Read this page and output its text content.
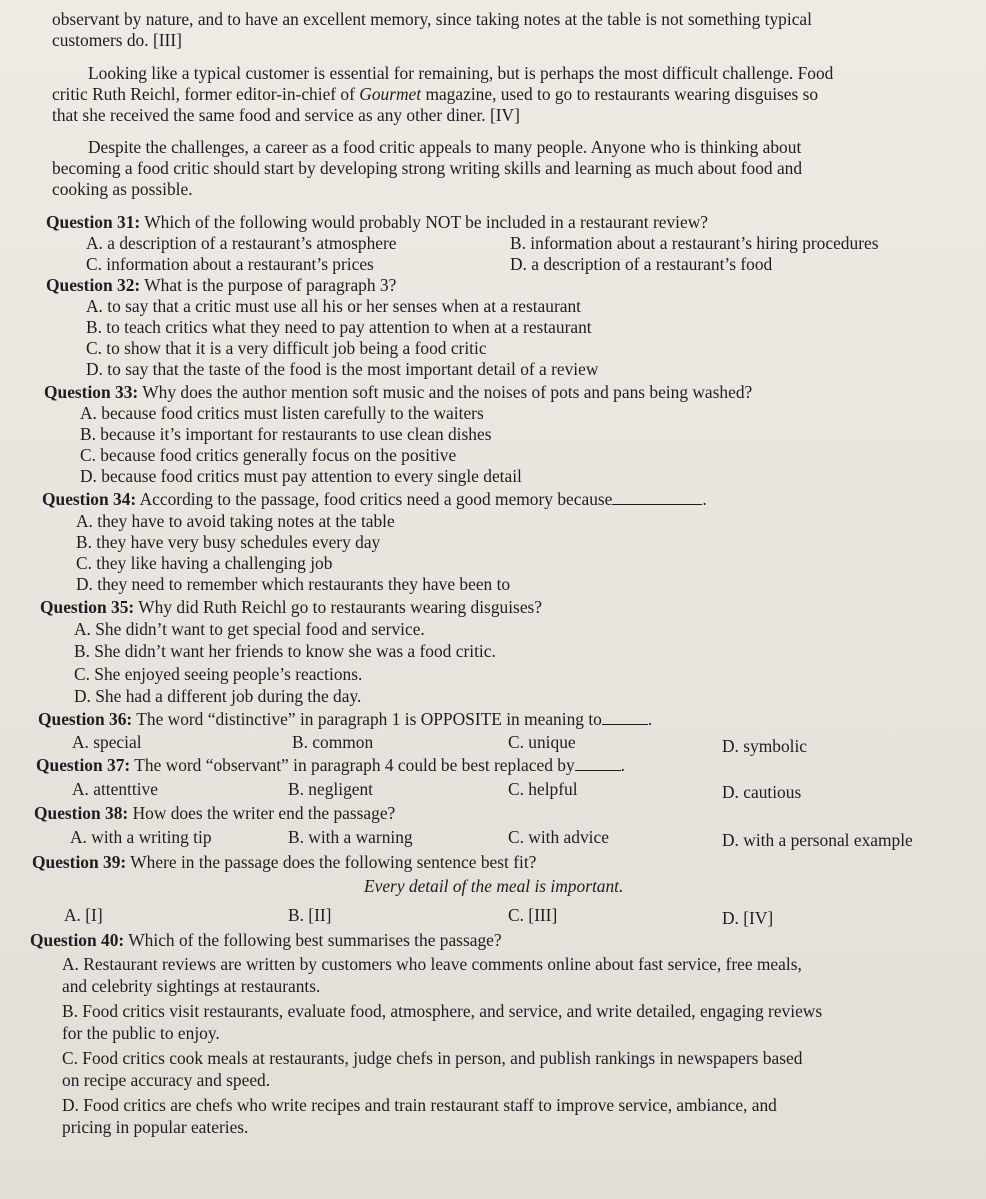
observant by nature, and to have an excellent memory, since taking notes at the table is not something typical
customers do. [III]
Looking like a typical customer is essential for remaining, but is perhaps the most difficult challenge. Food
critic Ruth Reichl, former editor-in-chief of Gourmet magazine, used to go to restaurants wearing disguises so
that she received the same food and service as any other diner. [IV]
Despite the challenges, a career as a food critic appeals to many people. Anyone who is thinking about
becoming a food critic should start by developing strong writing skills and learning as much about food and
cooking as possible.
Question 31: Which of the following would probably NOT be included in a restaurant review?
A. a description of a restaurant’s atmosphere	B. information about a restaurant’s hiring procedures
C. information about a restaurant’s prices	D. a description of a restaurant’s food
Question 32: What is the purpose of paragraph 3?
A. to say that a critic must use all his or her senses when at a restaurant
B. to teach critics what they need to pay attention to when at a restaurant
C. to show that it is a very difficult job being a food critic
D. to say that the taste of the food is the most important detail of a review
Question 33: Why does the author mention soft music and the noises of pots and pans being washed?
A. because food critics must listen carefully to the waiters
B. because it’s important for restaurants to use clean dishes
C. because food critics generally focus on the positive
D. because food critics must pay attention to every single detail
Question 34: According to the passage, food critics need a good memory because	.
A. they have to avoid taking notes at the table
B. they have very busy schedules every day
C. they like having a challenging job
D. they need to remember which restaurants they have been to
Question 35: Why did Ruth Reichl go to restaurants wearing disguises?
A. She didn’t want to get special food and service.
B. She didn’t want her friends to know she was a food critic.
C. She enjoyed seeing people’s reactions.
D. She had a different job during the day.
Question 36: The word “distinctive” in paragraph 1 is OPPOSITE in meaning to	.
A. special	B. common	C. unique	D. symbolic
Question 37: The word “observant” in paragraph 4 could be best replaced by	.
A. attenttive	B. negligent	C. helpful	D. cautious
Question 38: How does the writer end the passage?
A. with a writing tip	B. with a warning	C. with advice	D. with a personal example
Question 39: Where in the passage does the following sentence best fit?
Every detail of the meal is important.
A. [I]	B. [II]	C. [III]	D. [IV]
Question 40: Which of the following best summarises the passage?
A. Restaurant reviews are written by customers who leave comments online about fast service, free meals,
and celebrity sightings at restaurants.
B. Food critics visit restaurants, evaluate food, atmosphere, and service, and write detailed, engaging reviews
for the public to enjoy.
C. Food critics cook meals at restaurants, judge chefs in person, and publish rankings in newspapers based
on recipe accuracy and speed.
D. Food critics are chefs who write recipes and train restaurant staff to improve service, ambiance, and
pricing in popular eateries.
